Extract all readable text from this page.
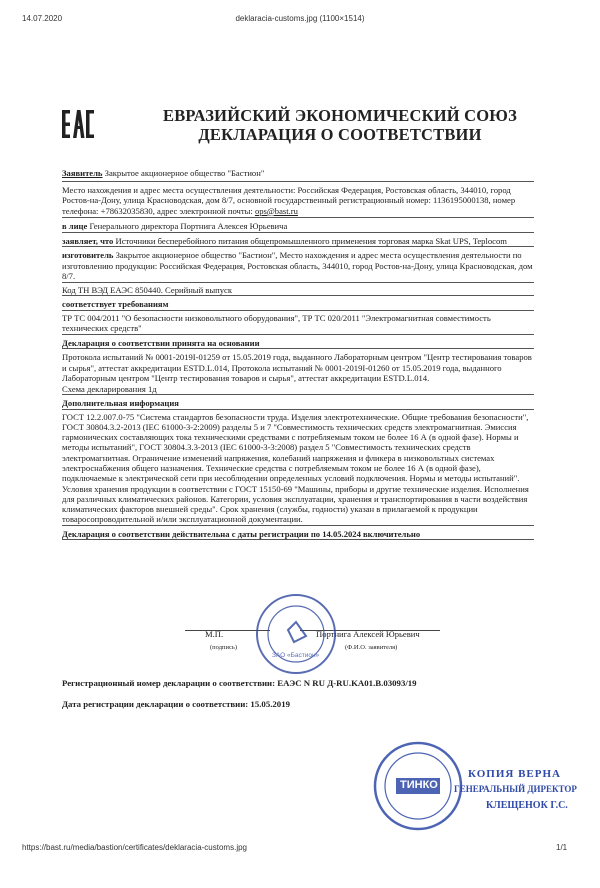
14.07.2020	deklaracia-customs.jpg (1100×1514)
https://bast.ru/media/bastion/certificates/deklaracia-customs.jpg	1/1
ЕВРАЗИЙСКИЙ ЭКОНОМИЧЕСКИЙ СОЮЗ
ДЕКЛАРАЦИЯ О СООТВЕТСТВИИ
Заявитель Закрытое акционерное общество "Бастион"
Место нахождения и адрес места осуществления деятельности: Российская Федерация, Ростовская область, 344010, город Ростов-на-Дону, улица Красноводская, дом 8/7, основной государственный регистрационный номер: 1136195000138, номер телефона: +78632035830, адрес электронной почты: ops@bast.ru
в лице Генерального директора Портнига Алексея Юрьевича
заявляет, что Источники бесперебойного питания общепромышленного применения торговая марка Skat UPS, Teplocom
изготовитель Закрытое акционерное общество "Бастион", Место нахождения и адрес места осуществления деятельности по изготовлению продукции: Российская Федерация, Ростовская область, 344010, город Ростов-на-Дону, улица Красноводская, дом 8/7.
Код ТН ВЭД ЕАЭС 850440. Серийный выпуск
соответствует требованиям
ТР ТС 004/2011 "О безопасности низковольтного оборудования", ТР ТС 020/2011 "Электромагнитная совместимость технических средств"
Декларация о соответствии принята на основании
Протокола испытаний № 0001-2019I-01259 от 15.05.2019 года, выданного Лабораторным центром "Центр тестирования товаров и сырья", аттестат аккредитации ESTD.L.014, Протокола испытаний № 0001-2019I-01260 от 15.05.2019 года, выданного Лабораторным центром "Центр тестирования товаров и сырья", аттестат аккредитации ESTD.L.014.
Схема декларирования 1д
Дополнительная информация
ГОСТ 12.2.007.0-75 "Система стандартов безопасности труда. Изделия электротехнические. Общие требования безопасности", ГОСТ 30804.3.2-2013 (IEC 61000-3-2:2009) разделы 5 и 7 "Совместимость технических средств электромагнитная. Эмиссия гармонических составляющих тока техническими средствами с потребляемым током не более 16 А (в одной фазе). Нормы и методы испытаний", ГОСТ 30804.3.3-2013 (IEC 61000-3-3:2008) раздел 5 "Совместимость технических средств электромагнитная. Ограничение изменений напряжения, колебаний напряжения и фликера в низковольтных системах электроснабжения общего назначения. Технические средства с потребляемым током не более 16 А (в одной фазе), подключаемые к электрической сети при несоблюдении определенных условий подключения. Нормы и методы испытаний". Условия хранения продукции в соответствии с ГОСТ 15150-69 "Машины, приборы и другие технические изделия. Исполнения для различных климатических районов. Категории, условия эксплуатации, хранения и транспортирования в части воздействия климатических факторов внешней среды". Срок хранения (службы, годности) указан в прилагаемой к продукции товаросопроводительной и/или эксплуатационной документации.
Декларация о соответствии действительна с даты регистрации по 14.05.2024 включительно
(подпись)
М.П.	Портнига Алексей Юрьевич
(Ф.И.О. заявителя)
ЗАО «Бастион»
Регистрационный номер декларации о соответствии: ЕАЭС N RU Д-RU.KA01.B.03093/19
Дата регистрации декларации о соответствии: 15.05.2019
ТИНКО
КОПИЯ ВЕРНА
ГЕНЕРАЛЬНЫЙ ДИРЕКТОР
КЛЕЩЕНОК Г.С.
